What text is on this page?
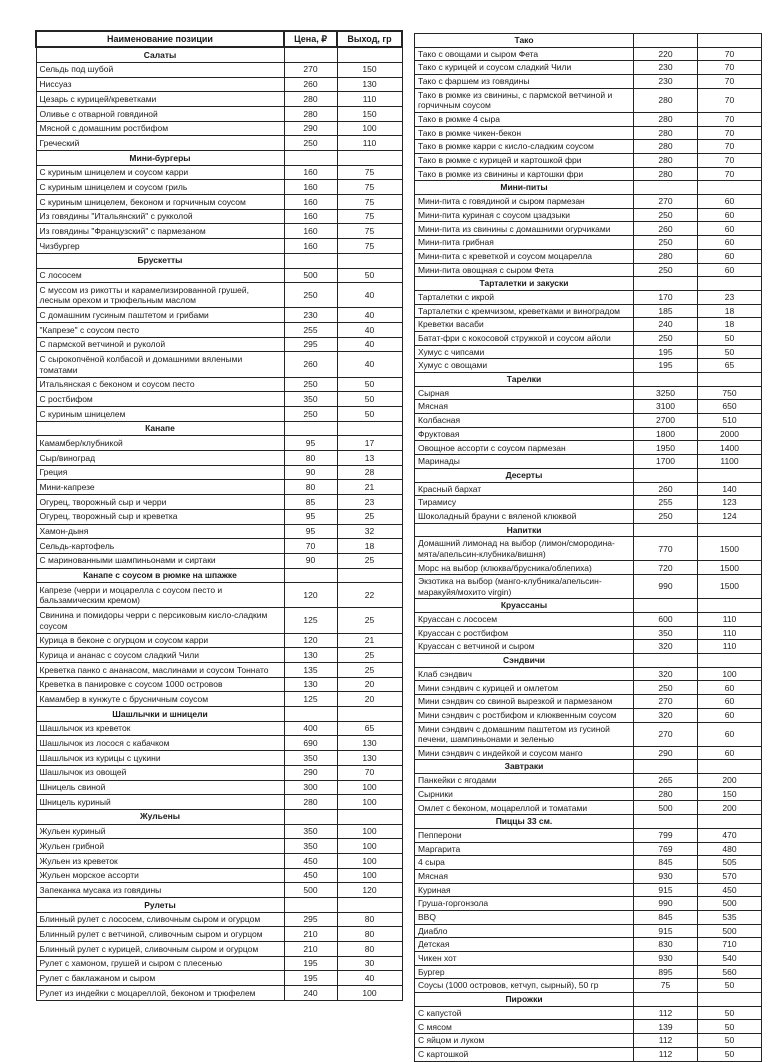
Наименование позиции	Цена, ₽	Выход, гр
Салаты		
Сельдь под шубой	270	150
Ниссуаз	260	130
Цезарь с курицей/креветками	280	110
Оливье с отварной говядиной	280	150
Мясной с домашним ростбифом	290	100
Греческий	250	110
Мини-бургеры		
С куриным шницелем и соусом карри	160	75
С куриным шницелем и соусом гриль	160	75
С куриным шницелем, беконом и горчичным соусом	160	75
Из говядины "Итальянский" с рукколой	160	75
Из говядины "Французский" с пармезаном	160	75
Чизбургер	160	75
Брускетты		
С лососем	500	50
С муссом из рикотты и карамелизированной грушей, лесным орехом и трюфельным маслом	250	40
С домашним гусиным паштетом и грибами	230	40
"Капрезе" с соусом песто	255	40
С пармской ветчиной и руколой	295	40
С сырокопчёной колбасой и домашними вялеными томатами	260	40
Итальянская с беконом и соусом песто	250	50
С ростбифом	350	50
С куриным шницелем	250	50
Канапе		
Камамбер/клубникой	95	17
Сыр/виноград	80	13
Греция	90	28
Мини-капрезе	80	21
Огурец, творожный сыр и черри	85	23
Огурец, творожный сыр и креветка	95	25
Хамон-дыня	95	32
Сельдь-картофель	70	18
С маринованными шампиньонами и сиртаки	90	25
Канапе с соусом в рюмке на шпажке		
Капрезе (черри и моцарелла с соусом песто и бальзамическим кремом)	120	22
Свинина и помидоры черри с персиковым кисло-сладким соусом	125	25
Курица в беконе с огурцом и соусом карри	120	21
Курица и ананас с соусом сладкий Чили	130	25
Креветка панко с ананасом, маслинами и соусом Тоннато	135	25
Креветка в панировке с соусом 1000 островов	130	20
Камамбер в кунжуте с брусничным соусом	125	20
Шашлычки и шницели		
Шашлычок из креветок	400	65
Шашлычок из лосося с кабачком	690	130
Шашлычок из курицы с цукини	350	130
Шашлычок из овощей	290	70
Шницель свиной	300	100
Шницель куриный	280	100
Жульены		
Жульен куриный	350	100
Жульен грибной	350	100
Жульен из креветок	450	100
Жульен морское ассорти	450	100
Запеканка мусака из говядины	500	120
Рулеты		
Блинный рулет с лососем, сливочным сыром и огурцом	295	80
Блинный рулет с ветчиной, сливочным сыром и огурцом	210	80
Блинный рулет с курицей, сливочным сыром и огурцом	210	80
Рулет с хамоном, грушей и сыром с плесенью	195	30
Рулет с баклажаном и сыром	195	40
Рулет из индейки с моцареллой, беконом и трюфелем	240	100
Тако		
Тако с овощами и сыром Фета	220	70
Тако с курицей и соусом сладкий Чили	230	70
Тако с фаршем из говядины	230	70
Тако в рюмке из свинины, с пармской ветчиной и горчичным соусом	280	70
Тако в рюмке 4 сыра	280	70
Тако в рюмке чикен-бекон	280	70
Тако в рюмке карри с кисло-сладким соусом	280	70
Тако в рюмке с курицей и картошкой фри	280	70
Тако в рюмке из свинины и картошки фри	280	70
Мини-питы		
Мини-пита с говядиной и сыром пармезан	270	60
Мини-пита куриная с соусом цзадзыки	250	60
Мини-пита из свинины с домашними огурчиками	260	60
Мини-пита грибная	250	60
Мини-пита с креветкой и соусом моцарелла	280	60
Мини-пита овощная с сыром Фета	250	60
Тарталетки и закуски		
Тарталетки с икрой	170	23
Тарталетки с кремчизом, креветками и виноградом	185	18
Креветки васаби	240	18
Батат-фри с кокосовой стружкой и соусом айоли	250	50
Хумус с чипсами	195	50
Хумус с овощами	195	65
Тарелки		
Сырная	3250	750
Мясная	3100	650
Колбасная	2700	510
Фруктовая	1800	2000
Овощное ассорти с соусом пармезан	1950	1400
Маринады	1700	1100
Десерты		
Красный бархат	260	140
Тирамису	255	123
Шоколадный брауни с вяленой клюквой	250	124
Напитки		
Домашний лимонад на выбор (лимон/смородина-мята/апельсин-клубника/вишня)	770	1500
Морс на выбор (клюква/брусника/облепиха)	720	1500
Экзотика на выбор (манго-клубника/апельсин-маракуйя/мохито virgin)	990	1500
Круассаны		
Круассан с лососем	600	110
Круассан с ростбифом	350	110
Круассан с ветчиной и сыром	320	110
Сэндвичи		
Клаб сэндвич	320	100
Мини сэндвич с курицей и омлетом	250	60
Мини сэндвич со свиной вырезкой и пармезаном	270	60
Мини сэндвич с ростбифом и клюквенным соусом	320	60
Мини сэндвич с домашним паштетом из гусиной печени, шампиньонами и зеленью	270	60
Мини сэндвич с индейкой и соусом манго	290	60
Завтраки		
Панкейки с ягодами	265	200
Сырники	280	150
Омлет с беконом, моцареллой и томатами	500	200
Пиццы 33 см.		
Пепперони	799	470
Маргарита	769	480
4 сыра	845	505
Мясная	930	570
Куриная	915	450
Груша-горгонзола	990	500
BBQ	845	535
Диабло	915	500
Детская	830	710
Чикен хот	930	540
Бургер	895	560
Соусы (1000 островов, кетчуп, сырный), 50 гр	75	50
Пирожки		
С капустой	112	50
С мясом	139	50
С яйцом и луком	112	50
С картошкой	112	50
